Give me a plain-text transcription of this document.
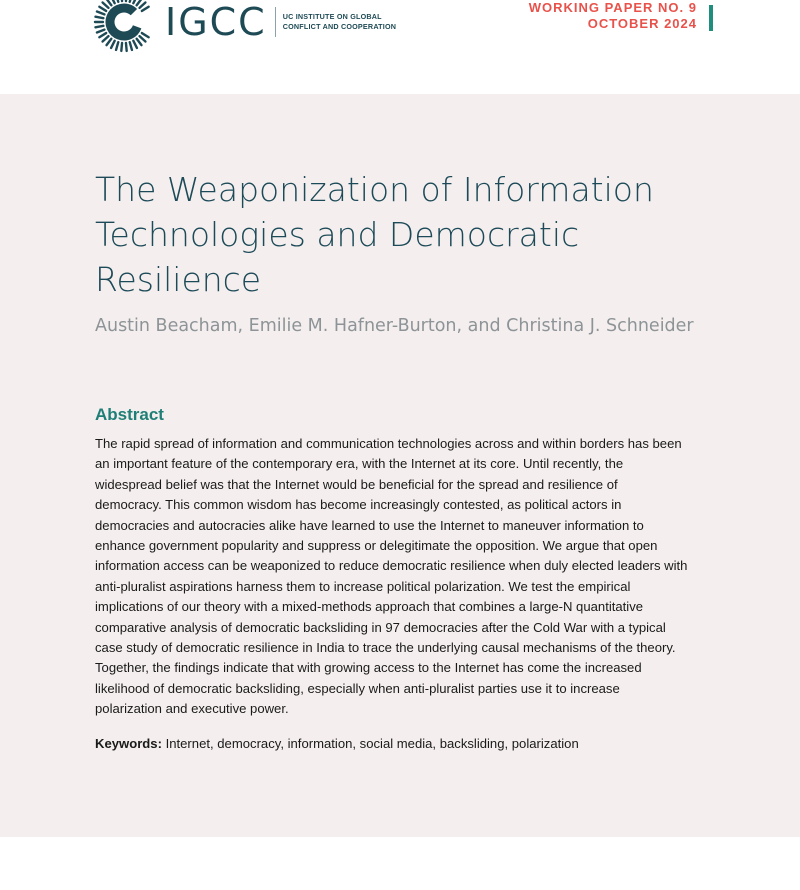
IGCC UC INSTITUTE ON GLOBAL
CONFLICT AND COOPERATION
WORKING PAPER NO. 9
OCTOBER 2024
The Weaponization of Information
Technologies and Democratic
Resilience

Austin Beacham, Emilie M. Hafner-Burton, and Christina J. Schneider

Abstract

The rapid spread of information and communication technologies across and within borders has been
an important feature of the contemporary era, with the Internet at its core. Until recently, the
widespread belief was that the Internet would be beneficial for the spread and resilience of
democracy. This common wisdom has become increasingly contested, as political actors in
democracies and autocracies alike have learned to use the Internet to maneuver information to
enhance government popularity and suppress or delegitimate the opposition. We argue that open
information access can be weaponized to reduce democratic resilience when duly elected leaders with
anti-pluralist aspirations harness them to increase political polarization. We test the empirical
implications of our theory with a mixed-methods approach that combines a large-N quantitative
comparative analysis of democratic backsliding in 97 democracies after the Cold War with a typical
case study of democratic resilience in India to trace the underlying causal mechanisms of the theory.
Together, the findings indicate that with growing access to the Internet has come the increased
likelihood of democratic backsliding, especially when anti-pluralist parties use it to increase
polarization and executive power.

Keywords: Internet, democracy, information, social media, backsliding, polarization
